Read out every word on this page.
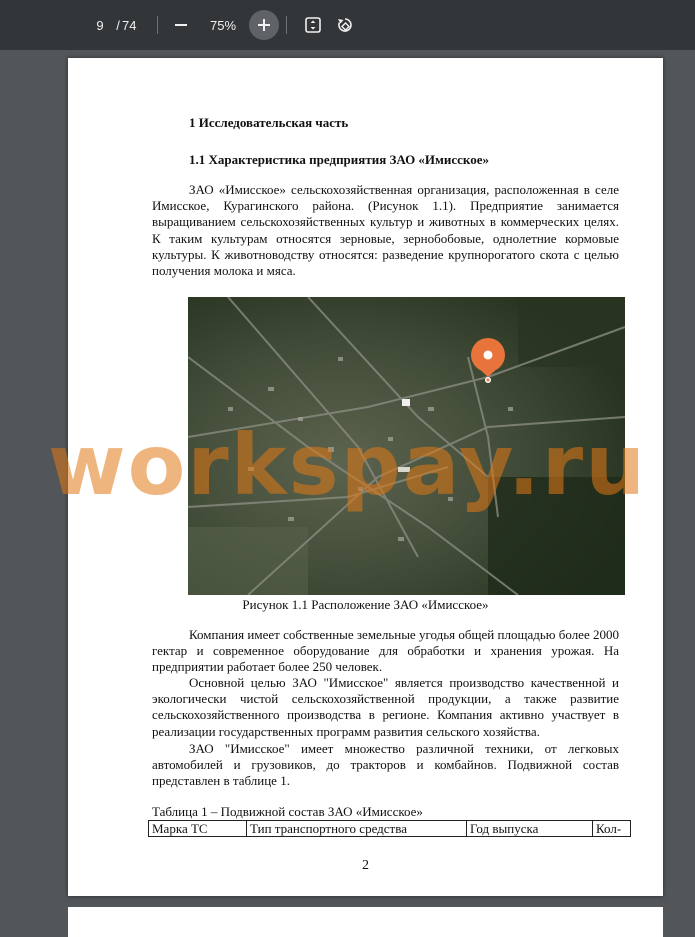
9 / 74	75%
1 Исследовательская часть
1.1 Характеристика предприятия ЗАО «Имисское»

ЗАО «Имисское» сельскохозяйственная организация, расположенная в селе Имисское, Курагинского района. (Рисунок 1.1). Предприятие занимается выращиванием сельскохозяйственных культур и животных в коммерческих целях. К таким культурам относятся зерновые, зернобобовые, однолетние кормовые культуры. К животноводству относятся: разведение крупнорогатого скота с целью получения молока и мяса.

Рисунок 1.1 Расположение ЗАО «Имисское»

Компания имеет собственные земельные угодья общей площадью более 2000 гектар и современное оборудование для обработки и хранения урожая. На предприятии работает более 250 человек.

Основной целью ЗАО "Имисское" является производство качественной и экологически чистой сельскохозяйственной продукции, а также развитие сельскохозяйственного производства в регионе. Компания активно участвует в реализации государственных программ развития сельского хозяйства.

ЗАО "Имисское" имеет множество различной техники, от легковых автомобилей и грузовиков, до тракторов и комбайнов. Подвижной состав представлен в таблице 1.

Таблица 1 – Подвижной состав ЗАО «Имисское»
Марка ТС	Тип транспортного средства	Год выпуска	Кол-
2
workspay.ru
